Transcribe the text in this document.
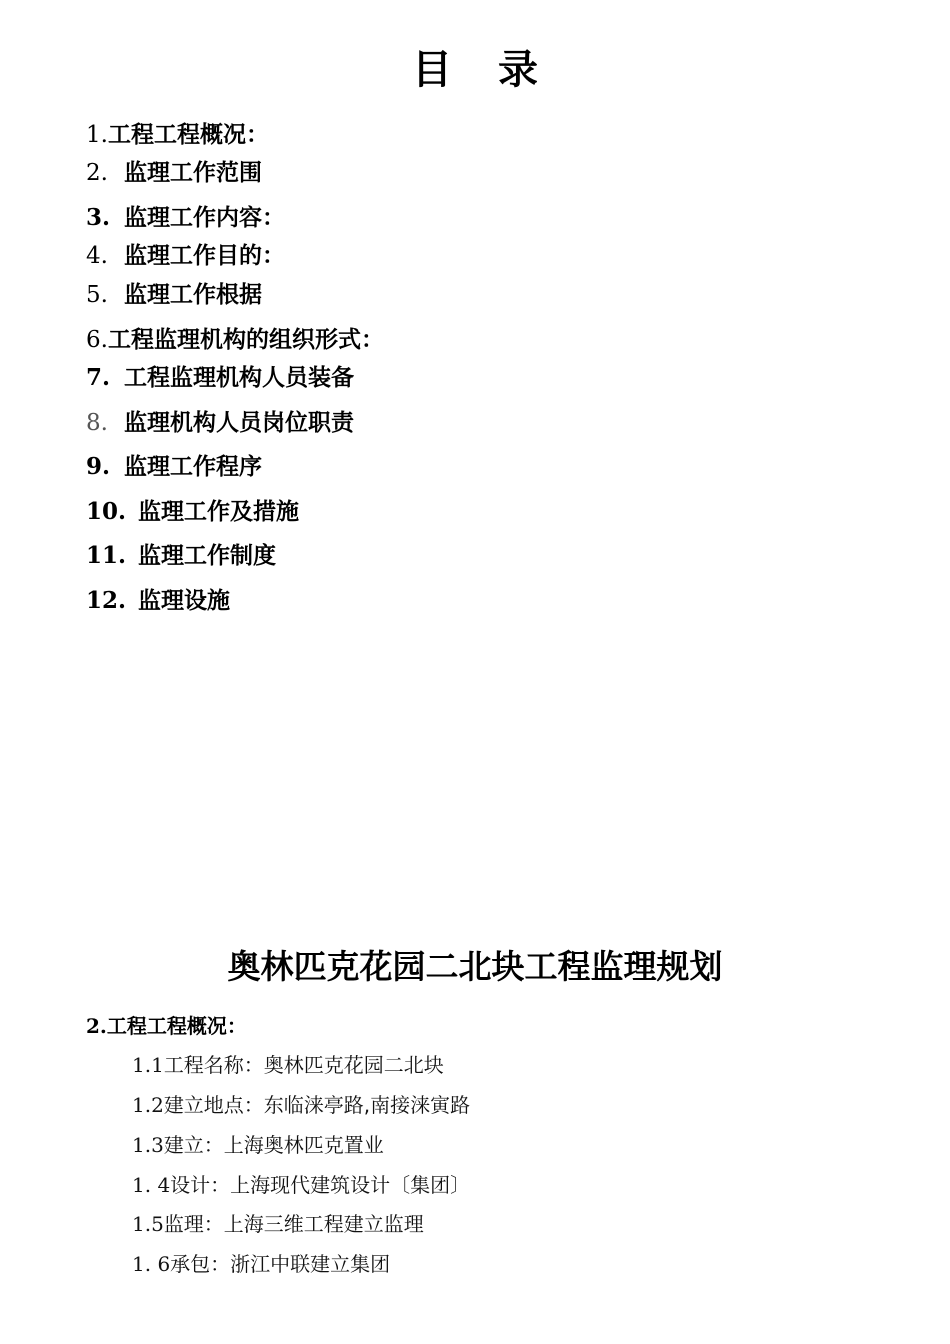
目 录
1.工程工程概况：
2. 监理工作范围
3. 监理工作内容：
4. 监理工作目的：
5. 监理工作根据
6.工程监理机构的组织形式：
7. 工程监理机构人员装备
8. 监理机构人员岗位职责
9. 监理工作程序
10. 监理工作及措施
11. 监理工作制度
12. 监理设施
奥林匹克花园二北块工程监理规划
2.工程工程概况：
1.1工程名称：奥林匹克花园二北块
1.2建立地点：东临涞亭路,南接涞寅路
1.3建立：上海奥林匹克置业
1. 4设计：上海现代建筑设计〔集团〕
1.5监理：上海三维工程建立监理
1. 6承包：浙江中联建立集团
